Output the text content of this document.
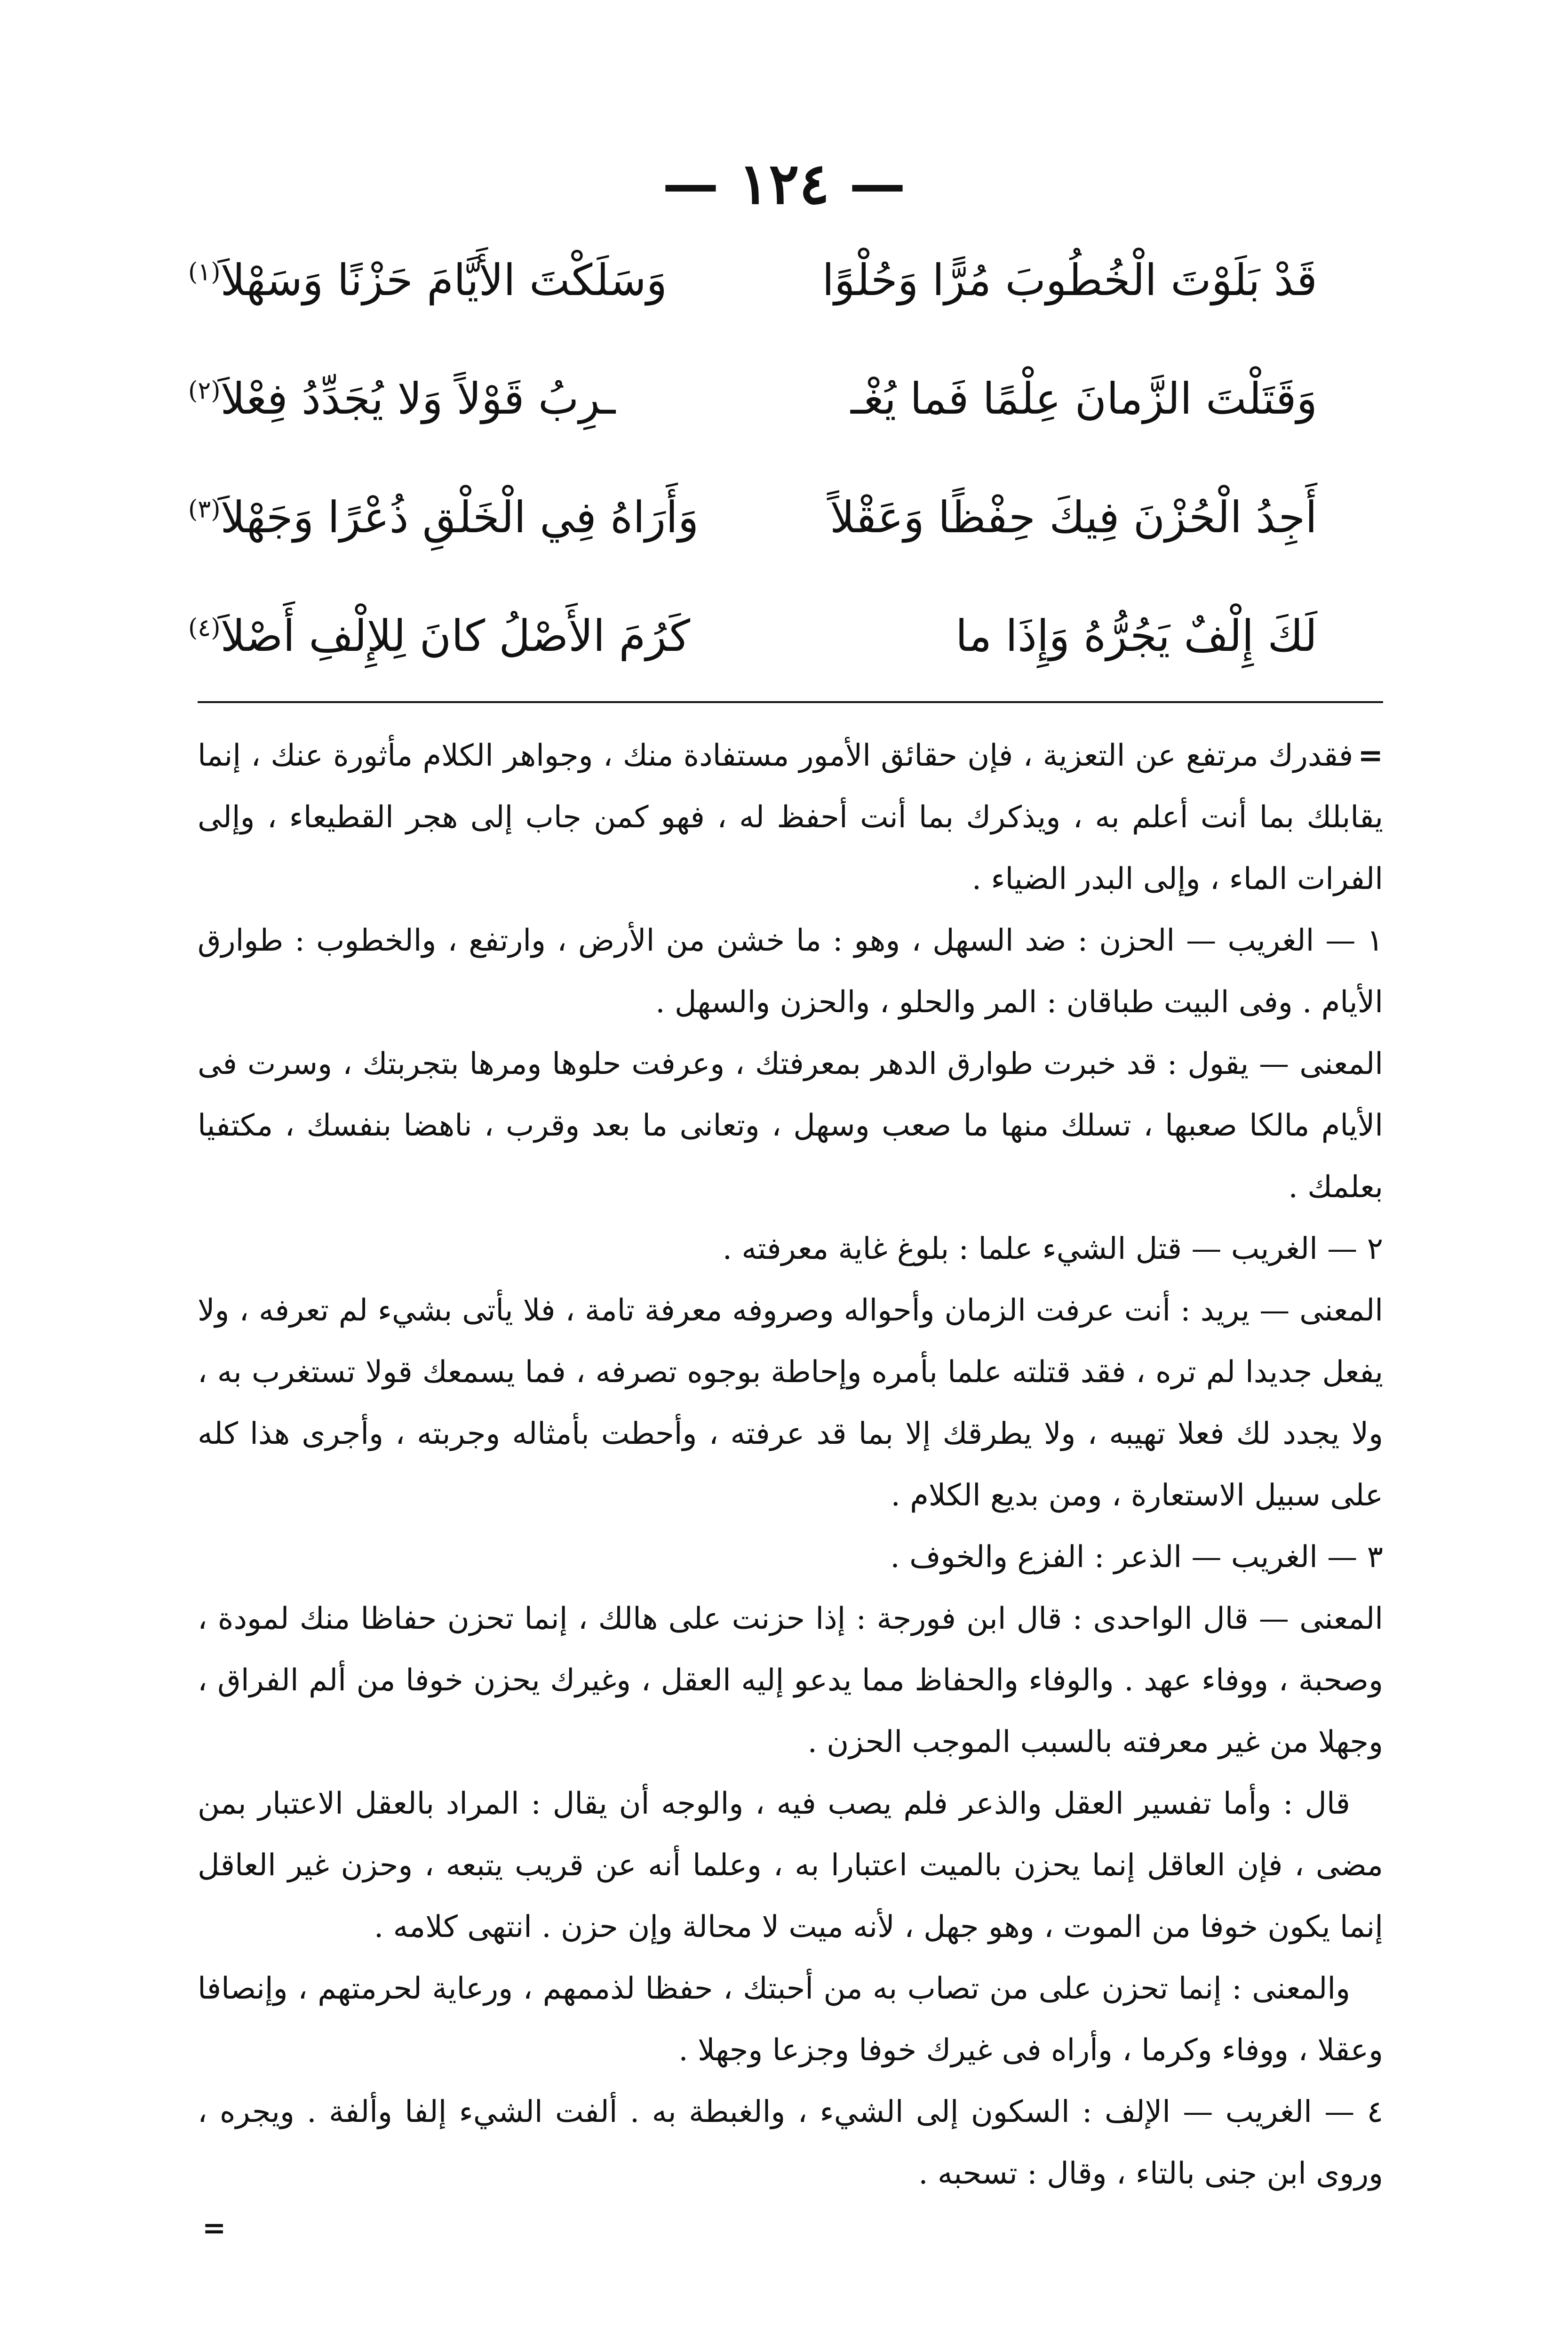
— ١٢٤ —
قَدْ بَلَوْتَ الْخُطُوبَ مُرًّا وَحُلْوًا
وَسَلَكْتَ الأَيَّامَ حَزْنًا وَسَهْلاَ$^{(١)}$
وَقَتَلْتَ الزَّمانَ عِلْمًا فَما يُغْـ
ـرِبُ قَوْلاً وَلا يُجَدِّدُ فِعْلاَ$^{(٢)}$
أَجِدُ الْحُزْنَ فِيكَ حِفْظًا وَعَقْلاً
وَأَرَاهُ فِي الْخَلْقِ ذُعْرًا وَجَهْلاَ$^{(٣)}$
لَكَ إِلْفٌ يَجُرُّهُ وَإِذَا ما
كَرُمَ الأَصْلُ كانَ لِلإِلْفِ أَصْلاَ$^{(٤)}$

=فقدرك مرتفع عن التعزية ، فإن حقائق الأمور مستفادة منك ، وجواهر الكلام مأثورة عنك ، إنما يقابلك بما أنت أعلم به ، ويذكرك بما أنت أحفظ له ، فهو كمن جاب إلى هجر القطيعاء ، وإلى الفرات الماء ، وإلى البدر الضياء .

١ — الغريب — الحزن : ضد السهل ، وهو : ما خشن من الأرض ، وارتفع ، والخطوب : طوارق الأيام . وفى البيت طباقان : المر والحلو ، والحزن والسهل .

المعنى — يقول : قد خبرت طوارق الدهر بمعرفتك ، وعرفت حلوها ومرها بتجربتك ، وسرت فى الأيام مالكا صعبها ، تسلك منها ما صعب وسهل ، وتعانى ما بعد وقرب ، ناهضا بنفسك ، مكتفيا بعلمك .

٢ — الغريب — قتل الشيء علما : بلوغ غاية معرفته .

المعنى — يريد : أنت عرفت الزمان وأحواله وصروفه معرفة تامة ، فلا يأتى بشيء لم تعرفه ، ولا يفعل جديدا لم تره ، فقد قتلته علما بأمره وإحاطة بوجوه تصرفه ، فما يسمعك قولا تستغرب به ، ولا يجدد لك فعلا تهيبه ، ولا يطرقك إلا بما قد عرفته ، وأحطت بأمثاله وجربته ، وأجرى هذا كله على سبيل الاستعارة ، ومن بديع الكلام .

٣ — الغريب — الذعر : الفزع والخوف .

المعنى — قال الواحدى : قال ابن فورجة : إذا حزنت على هالك ، إنما تحزن حفاظا منك لمودة ، وصحبة ، ووفاء عهد . والوفاء والحفاظ مما يدعو إليه العقل ، وغيرك يحزن خوفا من ألم الفراق ، وجهلا من غير معرفته بالسبب الموجب الحزن .

قال : وأما تفسير العقل والذعر فلم يصب فيه ، والوجه أن يقال : المراد بالعقل الاعتبار بمن مضى ، فإن العاقل إنما يحزن بالميت اعتبارا به ، وعلما أنه عن قريب يتبعه ، وحزن غير العاقل إنما يكون خوفا من الموت ، وهو جهل ، لأنه ميت لا محالة وإن حزن . انتهى كلامه .

والمعنى : إنما تحزن على من تصاب به من أحبتك ، حفظا لذممهم ، ورعاية لحرمتهم ، وإنصافا وعقلا ، ووفاء وكرما ، وأراه فى غيرك خوفا وجزعا وجهلا .

٤ — الغريب — الإلف : السكون إلى الشيء ، والغبطة به . ألفت الشيء إلفا وألفة . ويجره ، وروى ابن جنى بالتاء ، وقال : تسحبه .

=
